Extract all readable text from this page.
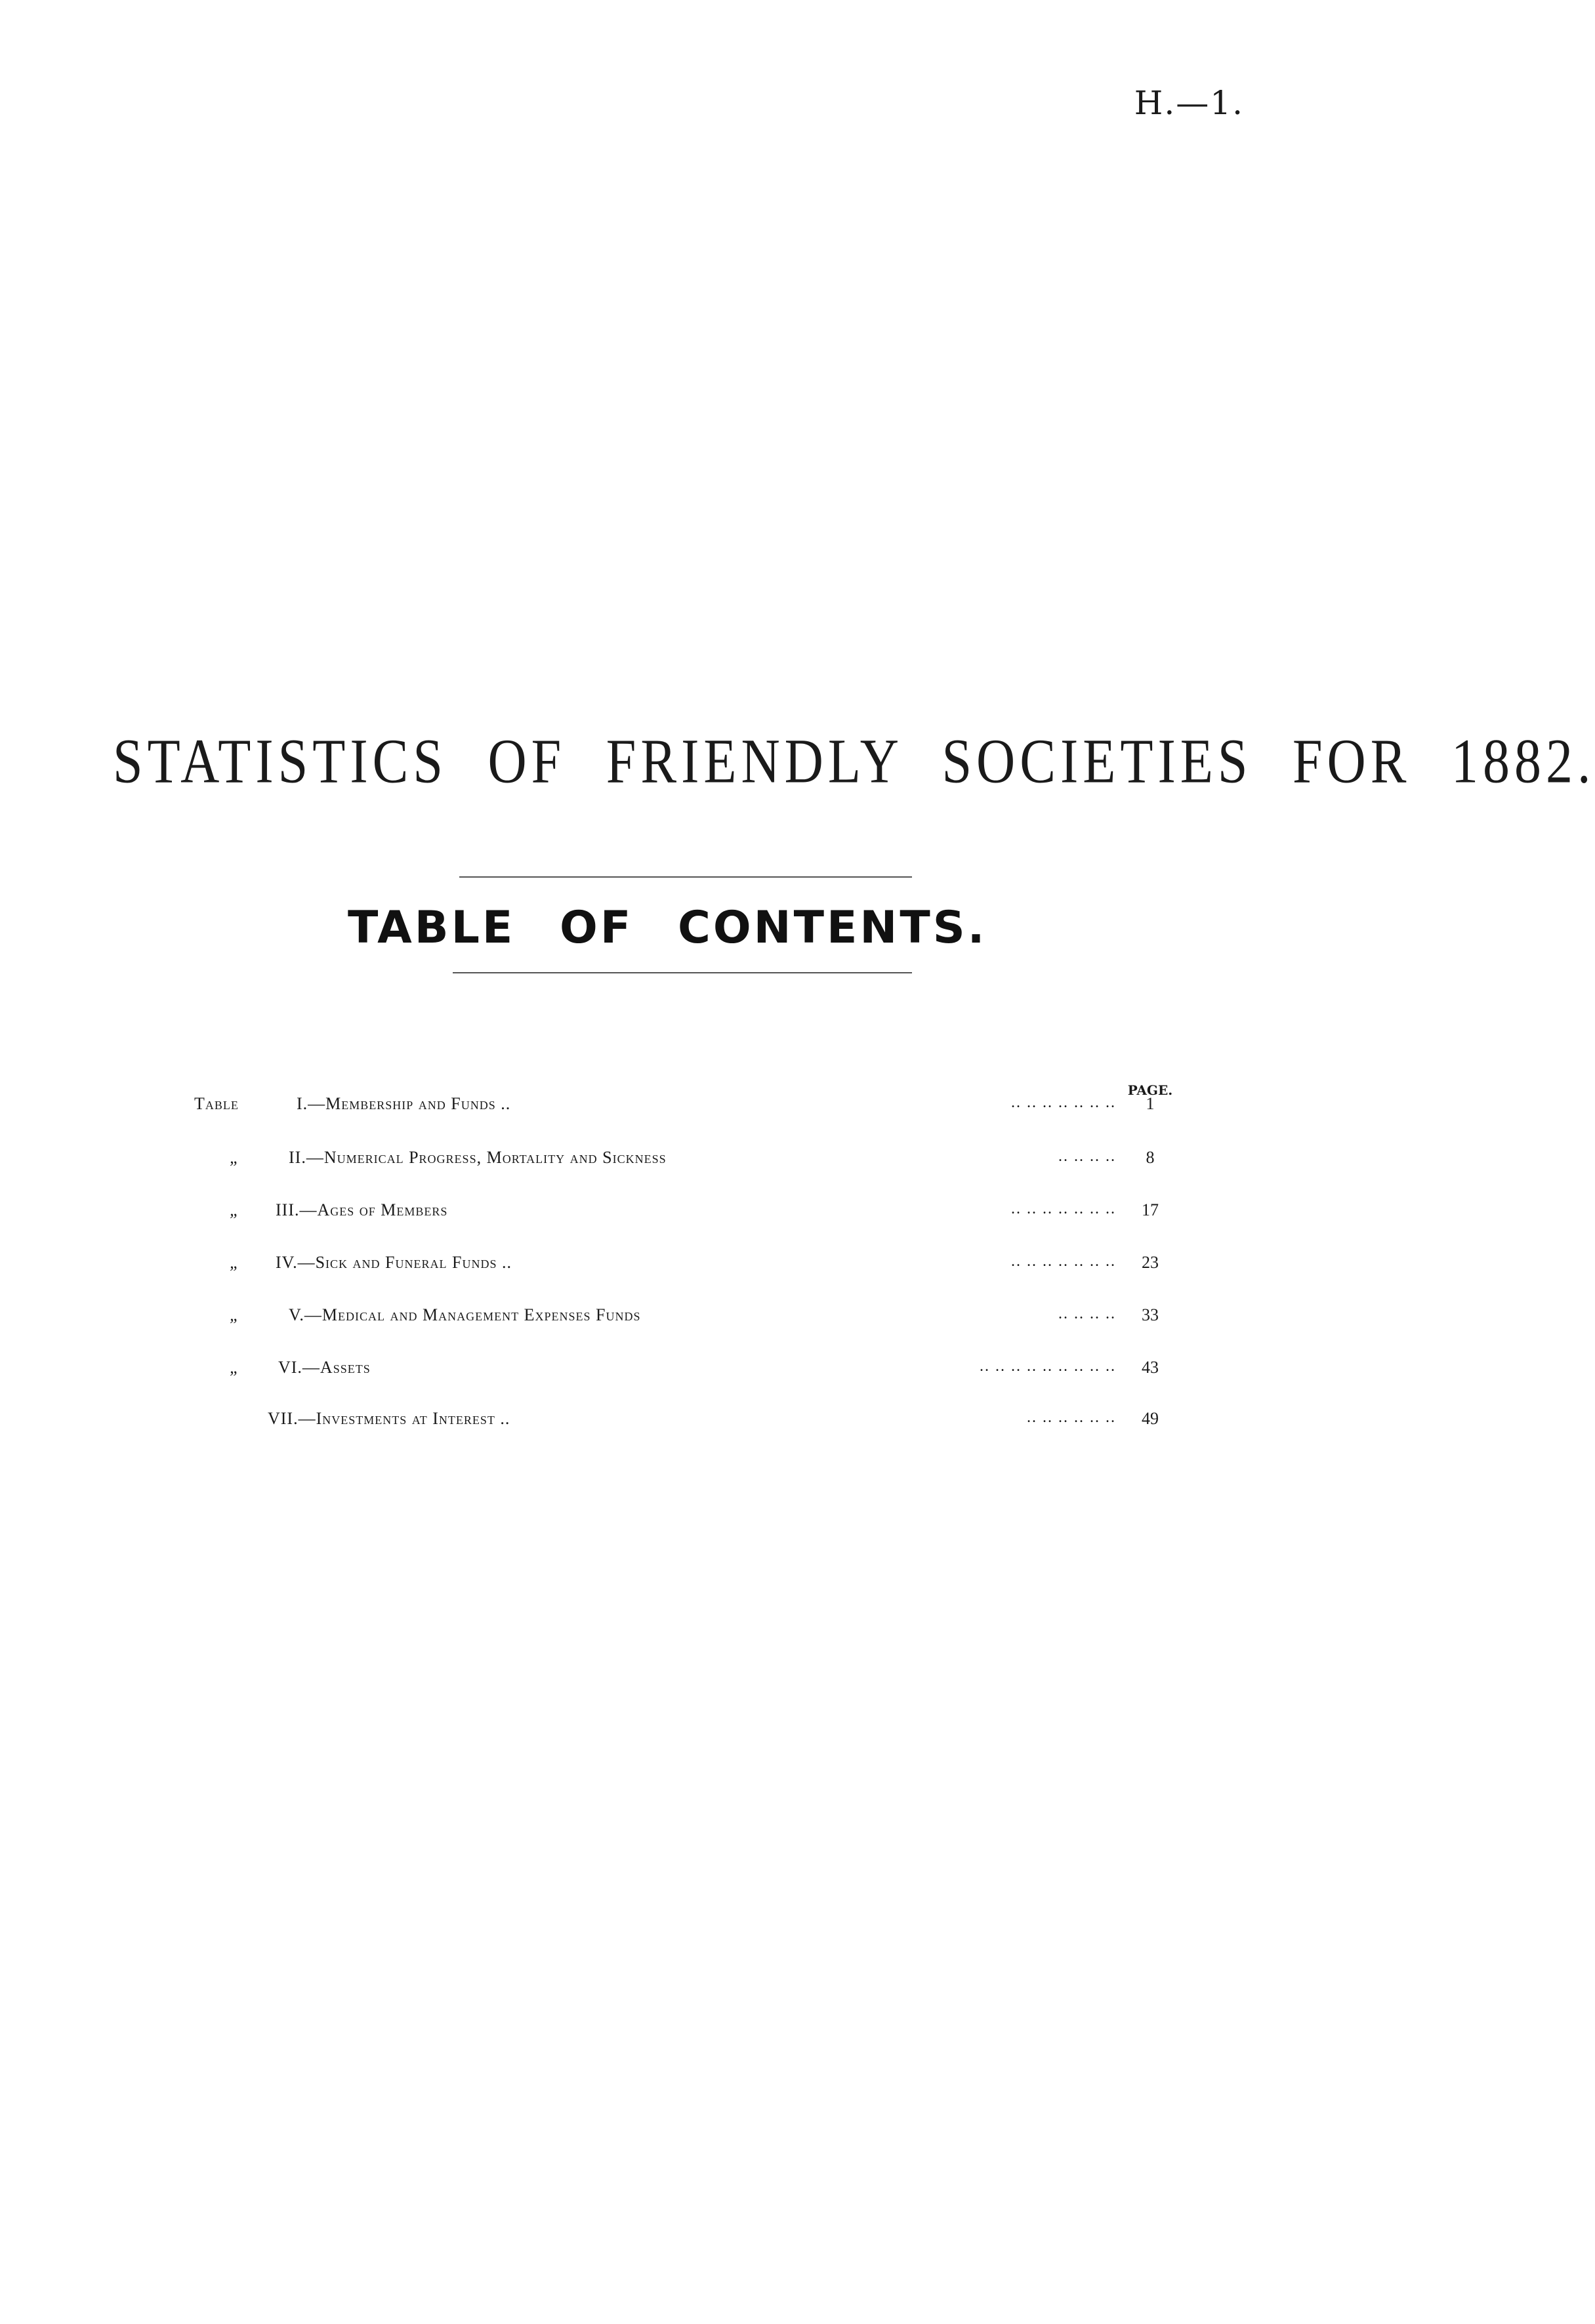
H.—1.
STATISTICS OF FRIENDLY SOCIETIES FOR 1882.
TABLE OF CONTENTS.
PAGE.
Table	I.—Membership and Funds ..	.. .. .. .. .. .. ..	1
„	II.—Numerical Progress, Mortality and Sickness	.. .. .. ..	8
„ III.—Ages of Members	.. .. .. .. .. .. ..	17
„ IV.—Sick and Funeral Funds ..	.. .. .. .. .. .. ..	23
„	V.—Medical and Management Expenses Funds	.. .. .. ..	33
„ VI.—Assets	.. .. .. .. .. .. .. .. ..	43
VII.—Investments at Interest ..	.. .. .. .. .. ..	49
